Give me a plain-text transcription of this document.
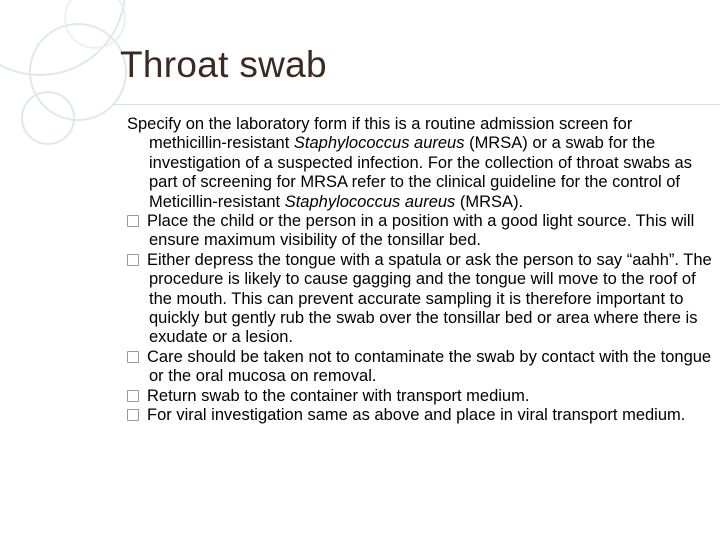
Throat swab

Specify on the laboratory form if this is a routine admission screen for methicillin-resistant Staphylococcus aureus (MRSA) or a swab for the investigation of a suspected infection. For the collection of throat swabs as part of screening for MRSA refer to the clinical guideline for the control of Meticillin-resistant Staphylococcus aureus (MRSA).

Place the child or the person in a position with a good light source. This will ensure maximum visibility of the tonsillar bed.

Either depress the tongue with a spatula or ask the person to say “aahh”. The procedure is likely to cause gagging and the tongue will move to the roof of the mouth. This can prevent accurate sampling it is therefore important to quickly but gently rub the swab over the tonsillar bed or area where there is exudate or a lesion.

Care should be taken not to contaminate the swab by contact with the tongue or the oral mucosa on removal.

Return swab to the container with transport medium.

For viral investigation same as above and place in viral transport medium.
